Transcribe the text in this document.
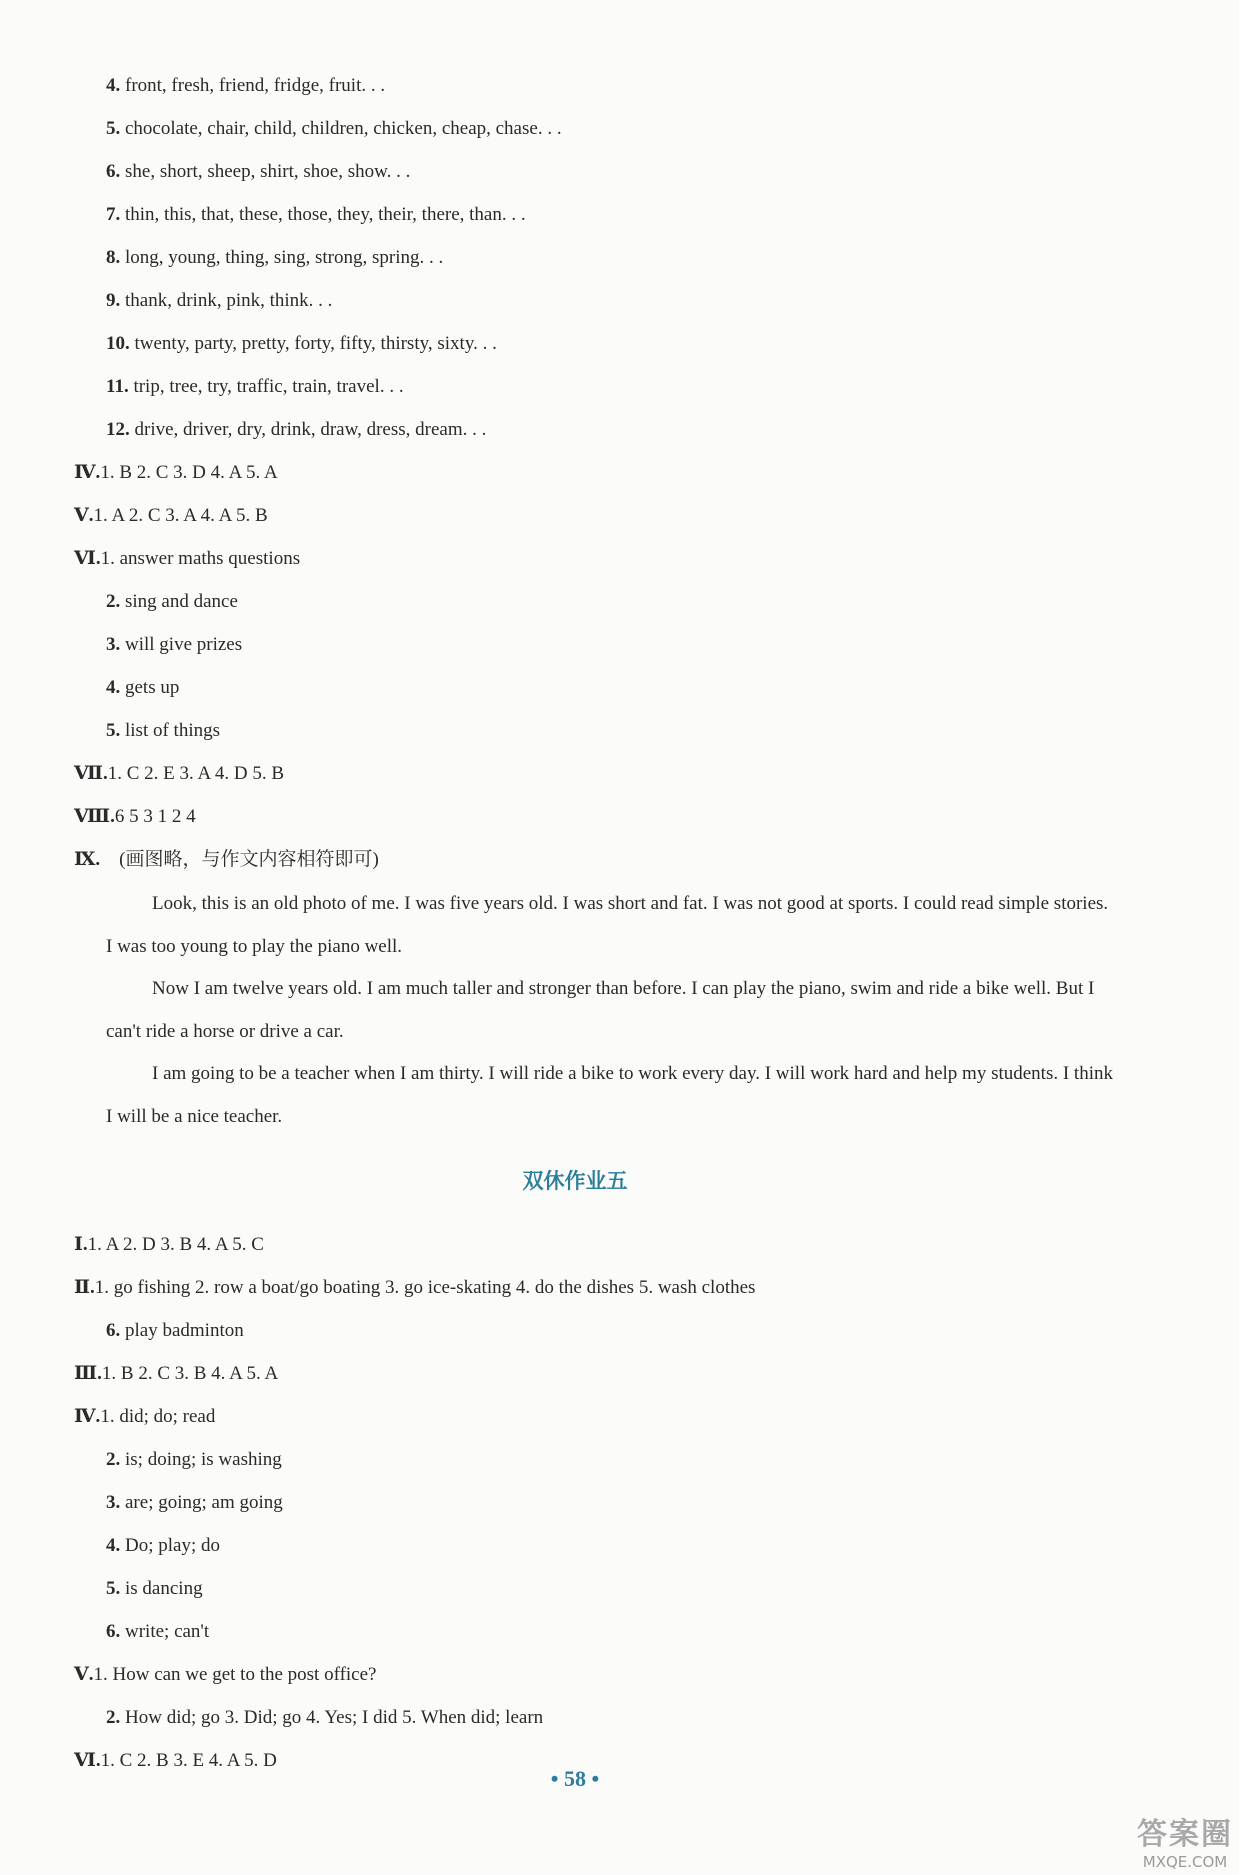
4. front, fresh, friend, fridge, fruit. . .
5. chocolate, chair, child, children, chicken, cheap, chase. . .
6. she, short, sheep, shirt, shoe, show. . .
7. thin, this, that, these, those, they, their, there, than. . .
8. long, young, thing, sing, strong, spring. . .
9. thank, drink, pink, think. . .
10. twenty, party, pretty, forty, fifty, thirsty, sixty. . .
11. trip, tree, try, traffic, train, travel. . .
12. drive, driver, dry, drink, draw, dress, dream. . .
Ⅳ.1. B 2. C 3. D 4. A 5. A
Ⅴ.1. A 2. C 3. A 4. A 5. B
Ⅵ.1. answer maths questions
2. sing and dance
3. will give prizes
4. gets up
5. list of things
Ⅶ.1. C 2. E 3. A 4. D 5. B
Ⅷ.6 5 3 1 2 4
Ⅸ.    (画图略，与作文内容相符即可)
Look, this is an old photo of me. I was five years old. I was short and fat. I was not good at sports. I could read simple stories. I was too young to play the piano well.
Now I am twelve years old. I am much taller and stronger than before. I can play the piano, swim and ride a bike well. But I can't ride a horse or drive a car.
I am going to be a teacher when I am thirty. I will ride a bike to work every day. I will work hard and help my students. I think I will be a nice teacher.
双休作业五
Ⅰ.1. A 2. D 3. B 4. A 5. C
Ⅱ.1. go fishing 2. row a boat/go boating 3. go ice-skating 4. do the dishes 5. wash clothes
6. play badminton
Ⅲ.1. B 2. C 3. B 4. A 5. A
Ⅳ.1. did; do; read
2. is; doing; is washing
3. are; going; am going
4. Do; play; do
5. is dancing
6. write; can't
Ⅴ.1. How can we get to the post office?
2. How did; go 3. Did; go 4. Yes; I did 5. When did; learn
Ⅵ.1. C 2. B 3. E 4. A 5. D
• 58 •
答案圈
MXQE.COM
